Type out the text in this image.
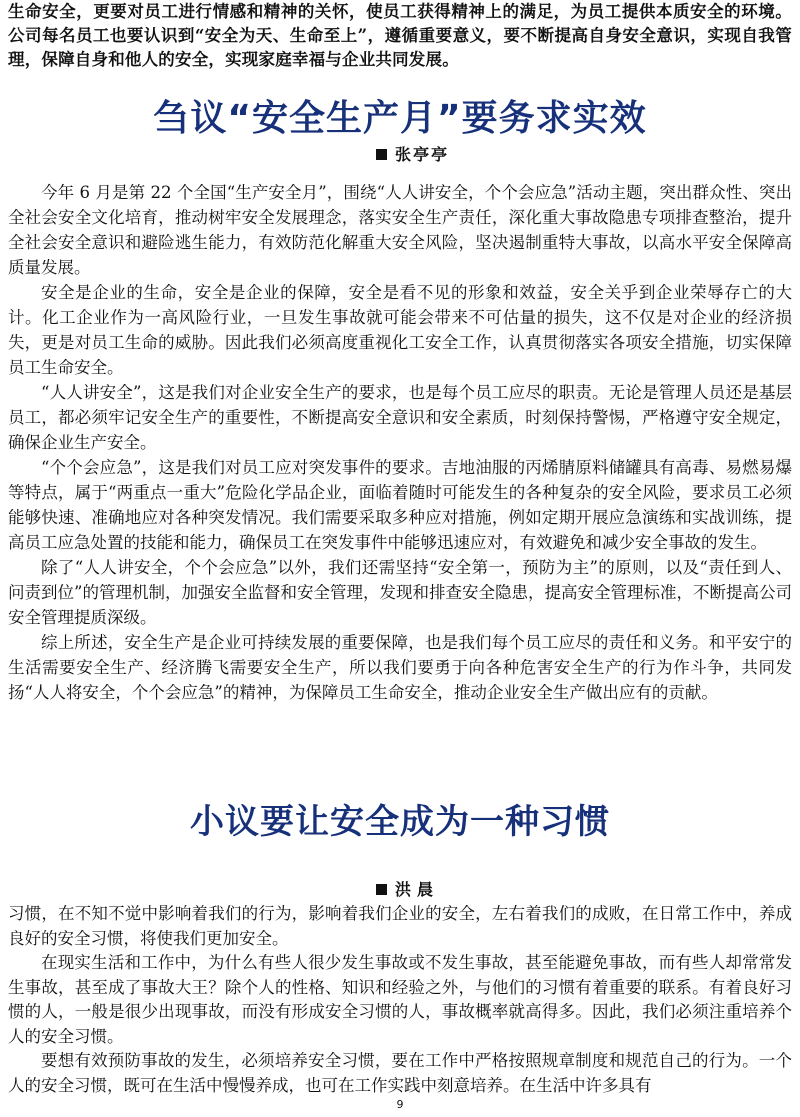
生命安全，更要对员工进行情感和精神的关怀，使员工获得精神上的满足，为员工提供本质安全的环境。公司每名员工也要认识到“安全为天、生命至上”，遵循重要意义，要不断提高自身安全意识，实现自我管理，保障自身和他人的安全，实现家庭幸福与企业共同发展。

刍议“安全生产月”要务求实效

张亭亭

今年 6 月是第 22 个全国“生产安全月”，围绕“人人讲安全，个个会应急”活动主题，突出群众性、突出全社会安全文化培育，推动树牢安全发展理念，落实安全生产责任，深化重大事故隐患专项排查整治，提升全社会安全意识和避险逃生能力，有效防范化解重大安全风险，坚决遏制重特大事故，以高水平安全保障高质量发展。

安全是企业的生命，安全是企业的保障，安全是看不见的形象和效益，安全关乎到企业荣辱存亡的大计。化工企业作为一高风险行业，一旦发生事故就可能会带来不可估量的损失，这不仅是对企业的经济损失，更是对员工生命的威胁。因此我们必须高度重视化工安全工作，认真贯彻落实各项安全措施，切实保障员工生命安全。

“人人讲安全”，这是我们对企业安全生产的要求，也是每个员工应尽的职责。无论是管理人员还是基层员工，都必须牢记安全生产的重要性，不断提高安全意识和安全素质，时刻保持警惕，严格遵守安全规定，确保企业生产安全。

“个个会应急”，这是我们对员工应对突发事件的要求。吉地油服的丙烯腈原料储罐具有高毒、易燃易爆等特点，属于“两重点一重大”危险化学品企业，面临着随时可能发生的各种复杂的安全风险，要求员工必须能够快速、准确地应对各种突发情况。我们需要采取多种应对措施，例如定期开展应急演练和实战训练，提高员工应急处置的技能和能力，确保员工在突发事件中能够迅速应对，有效避免和减少安全事故的发生。

除了“人人讲安全，个个会应急”以外，我们还需坚持“安全第一，预防为主”的原则，以及“责任到人、问责到位”的管理机制，加强安全监督和安全管理，发现和排查安全隐患，提高安全管理标准，不断提高公司安全管理提质深级。

综上所述，安全生产是企业可持续发展的重要保障，也是我们每个员工应尽的责任和义务。和平安宁的生活需要安全生产、经济腾飞需要安全生产，所以我们要勇于向各种危害安全生产的行为作斗争，共同发扬“人人将安全，个个会应急”的精神，为保障员工生命安全，推动企业安全生产做出应有的贡献。

小议要让安全成为一种习惯

洪晨

习惯，在不知不觉中影响着我们的行为，影响着我们企业的安全，左右着我们的成败，在日常工作中，养成良好的安全习惯，将使我们更加安全。

在现实生活和工作中，为什么有些人很少发生事故或不发生事故，甚至能避免事故，而有些人却常常发生事故，甚至成了事故大王？除个人的性格、知识和经验之外，与他们的习惯有着重要的联系。有着良好习惯的人，一般是很少出现事故，而没有形成安全习惯的人，事故概率就高得多。因此，我们必须注重培养个人的安全习惯。

要想有效预防事故的发生，必须培养安全习惯，要在工作中严格按照规章制度和规范自己的行为。一个人的安全习惯，既可在生活中慢慢养成，也可在工作实践中刻意培养。在生活中许多具有

9
